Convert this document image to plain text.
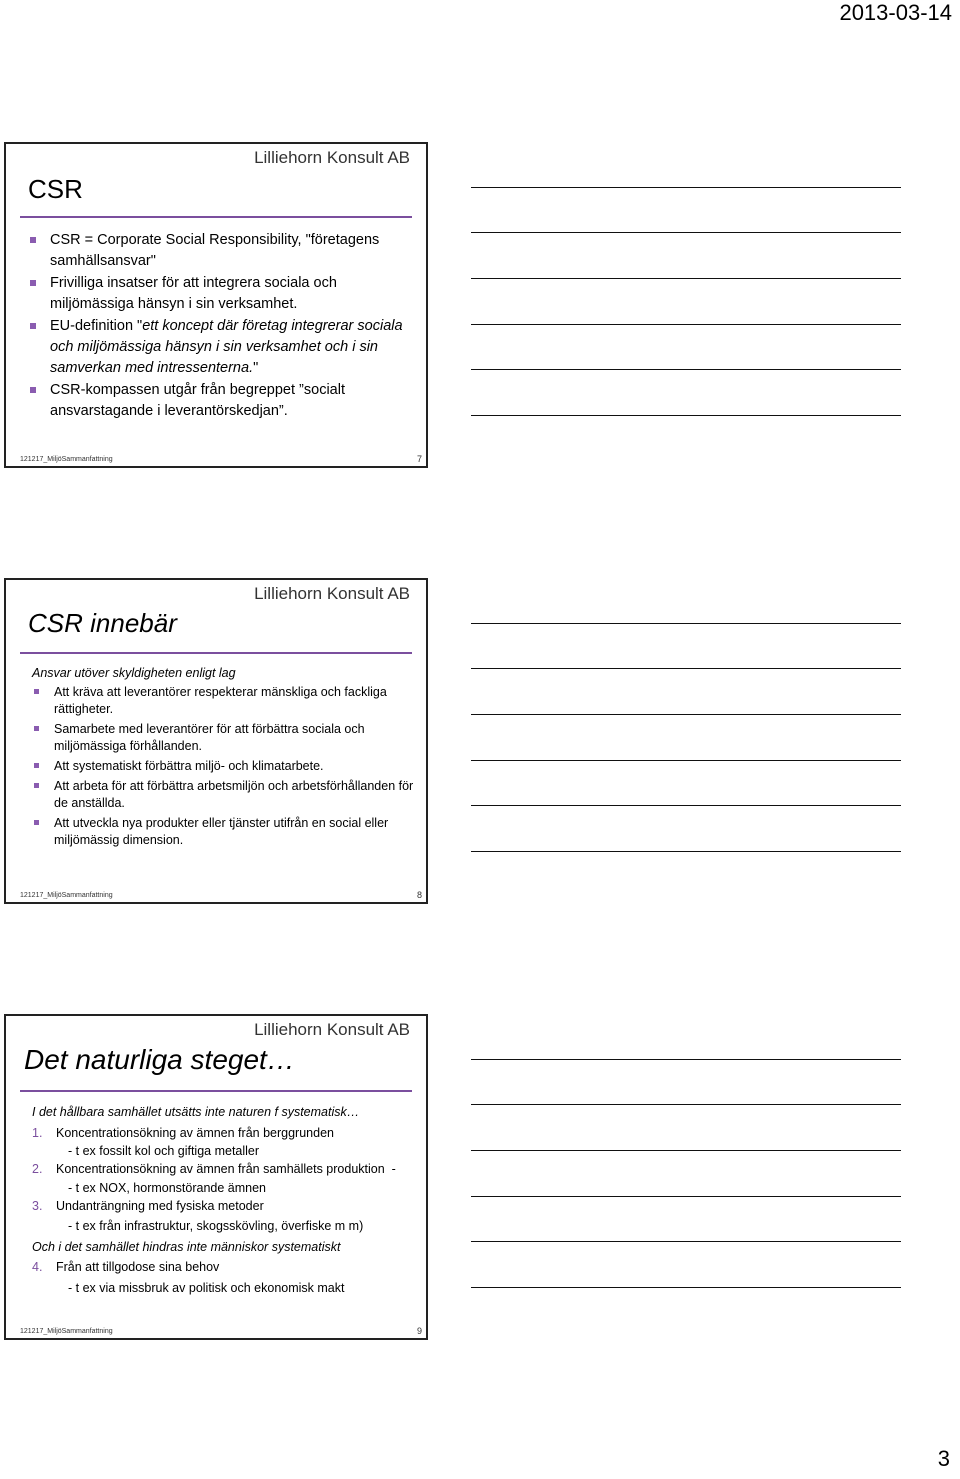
2013-03-14
Lilliehorn Konsult AB
CSR
CSR = Corporate Social Responsibility, "företagens samhällsansvar"
Frivilliga insatser för att integrera sociala och miljömässiga hänsyn i sin verksamhet.
EU-definition "ett koncept där företag integrerar sociala och miljömässiga hänsyn i sin verksamhet och i sin samverkan med intressenterna."
CSR-kompassen utgår från begreppet ”socialt ansvarstagande i leverantörskedjan”.
121217_MiljöSammanfattning	7
Lilliehorn Konsult AB
CSR innebär
Ansvar utöver skyldigheten enligt lag
Att kräva att leverantörer respekterar mänskliga och fackliga rättigheter.
Samarbete med leverantörer för att förbättra sociala och miljömässiga förhållanden.
Att systematiskt förbättra miljö- och klimatarbete.
Att arbeta för att förbättra arbetsmiljön och arbetsförhållanden för de anställda.
Att utveckla nya produkter eller tjänster utifrån en social eller miljömässig dimension.
121217_MiljöSammanfattning	8
Lilliehorn Konsult AB
Det naturliga steget…
I det hållbara samhället utsätts inte naturen f systematisk…
1. Koncentrationsökning av ämnen från berggrunden
- t ex fossilt kol och giftiga metaller
2. Koncentrationsökning av ämnen från samhällets produktion  -
- t ex NOX, hormonstörande ämnen
3. Undanträngning med fysiska metoder
- t ex från infrastruktur, skogsskövling, överfiske m m)
Och i det samhället hindras inte människor systematiskt
4. Från att tillgodose sina behov
- t ex via missbruk av politisk och ekonomisk makt
121217_MiljöSammanfattning	9
3
